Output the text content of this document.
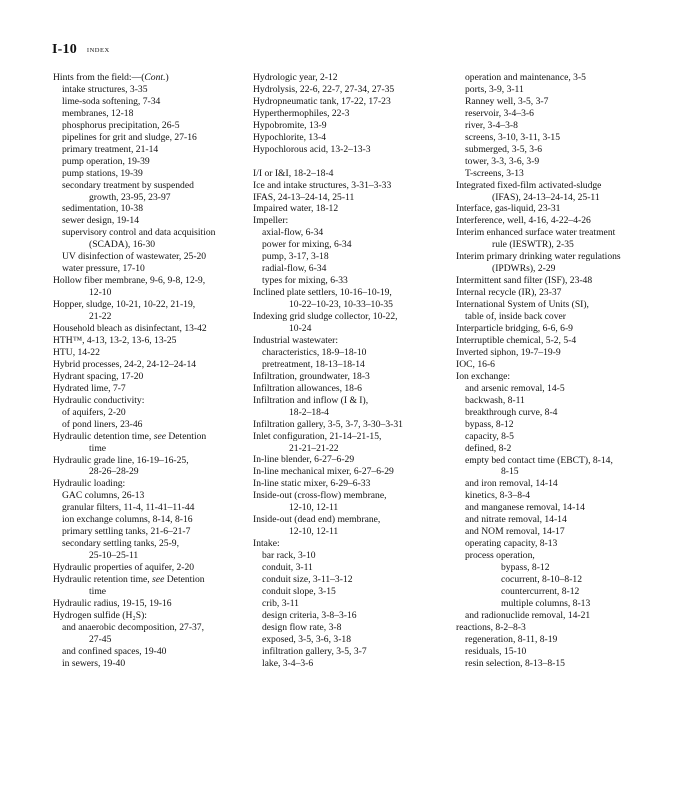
I-10 INDEX
Hints from the field:—(Cont.)
intake structures, 3-35
lime-soda softening, 7-34
membranes, 12-18
phosphorus precipitation, 26-5
pipelines for grit and sludge, 27-16
primary treatment, 21-14
pump operation, 19-39
pump stations, 19-39
secondary treatment by suspended
growth, 23-95, 23-97
sedimentation, 10-38
sewer design, 19-14
supervisory control and data acquisition
(SCADA), 16-30
UV disinfection of wastewater, 25-20
water pressure, 17-10
Hollow fiber membrane, 9-6, 9-8, 12-9,
12-10
Hopper, sludge, 10-21, 10-22, 21-19,
21-22
Household bleach as disinfectant, 13-42
HTH™, 4-13, 13-2, 13-6, 13-25
HTU, 14-22
Hybrid processes, 24-2, 24-12–24-14
Hydrant spacing, 17-20
Hydrated lime, 7-7
Hydraulic conductivity:
of aquifers, 2-20
of pond liners, 23-46
Hydraulic detention time, see Detention
time
Hydraulic grade line, 16-19–16-25,
28-26–28-29
Hydraulic loading:
GAC columns, 26-13
granular filters, 11-4, 11-41–11-44
ion exchange columns, 8-14, 8-16
primary settling tanks, 21-6–21-7
secondary settling tanks, 25-9,
25-10–25-11
Hydraulic properties of aquifer, 2-20
Hydraulic retention time, see Detention
time
Hydraulic radius, 19-15, 19-16
Hydrogen sulfide (H₂S):
and anaerobic decomposition, 27-37,
27-45
and confined spaces, 19-40
in sewers, 19-40
Hydrologic year, 2-12
Hydrolysis, 22-6, 22-7, 27-34, 27-35
Hydropneumatic tank, 17-22, 17-23
Hyperthermophiles, 22-3
Hypobromite, 13-9
Hypochlorite, 13-4
Hypochlorous acid, 13-2–13-3
I/I or I&I, 18-2–18-4
Ice and intake structures, 3-31–3-33
IFAS, 24-13–24-14, 25-11
Impaired water, 18-12
Impeller:
axial-flow, 6-34
power for mixing, 6-34
pump, 3-17, 3-18
radial-flow, 6-34
types for mixing, 6-33
Inclined plate settlers, 10-16–10-19,
10-22–10-23, 10-33–10-35
Indexing grid sludge collector, 10-22,
10-24
Industrial wastewater:
characteristics, 18-9–18-10
pretreatment, 18-13–18-14
Infiltration, groundwater, 18-3
Infiltration allowances, 18-6
Infiltration and inflow (I & I),
18-2–18-4
Infiltration gallery, 3-5, 3-7, 3-30–3-31
Inlet configuration, 21-14–21-15,
21-21–21-22
In-line blender, 6-27–6-29
In-line mechanical mixer, 6-27–6-29
In-line static mixer, 6-29–6-33
Inside-out (cross-flow) membrane,
12-10, 12-11
Inside-out (dead end) membrane,
12-10, 12-11
Intake:
bar rack, 3-10
conduit, 3-11
conduit size, 3-11–3-12
conduit slope, 3-15
crib, 3-11
design criteria, 3-8–3-16
design flow rate, 3-8
exposed, 3-5, 3-6, 3-18
infiltration gallery, 3-5, 3-7
lake, 3-4–3-6
operation and maintenance, 3-5
ports, 3-9, 3-11
Ranney well, 3-5, 3-7
reservoir, 3-4–3-6
river, 3-4–3-8
screens, 3-10, 3-11, 3-15
submerged, 3-5, 3-6
tower, 3-3, 3-6, 3-9
T-screens, 3-13
Integrated fixed-film activated-sludge
(IFAS), 24-13–24-14, 25-11
Interface, gas-liquid, 23-31
Interference, well, 4-16, 4-22–4-26
Interim enhanced surface water treatment
rule (IESWTR), 2-35
Interim primary drinking water regulations
(IPDWRs), 2-29
Intermittent sand filter (ISF), 23-48
Internal recycle (IR), 23-37
International System of Units (SI),
table of, inside back cover
Interparticle bridging, 6-6, 6-9
Interruptible chemical, 5-2, 5-4
Inverted siphon, 19-7–19-9
IOC, 16-6
Ion exchange:
and arsenic removal, 14-5
backwash, 8-11
breakthrough curve, 8-4
bypass, 8-12
capacity, 8-5
defined, 8-2
empty bed contact time (EBCT), 8-14,
8-15
and iron removal, 14-14
kinetics, 8-3–8-4
and manganese removal, 14-14
and nitrate removal, 14-14
and NOM removal, 14-17
operating capacity, 8-13
process operation,
bypass, 8-12
cocurrent, 8-10–8-12
countercurrent, 8-12
multiple columns, 8-13
and radionuclide removal, 14-21
reactions, 8-2–8-3
regeneration, 8-11, 8-19
residuals, 15-10
resin selection, 8-13–8-15
